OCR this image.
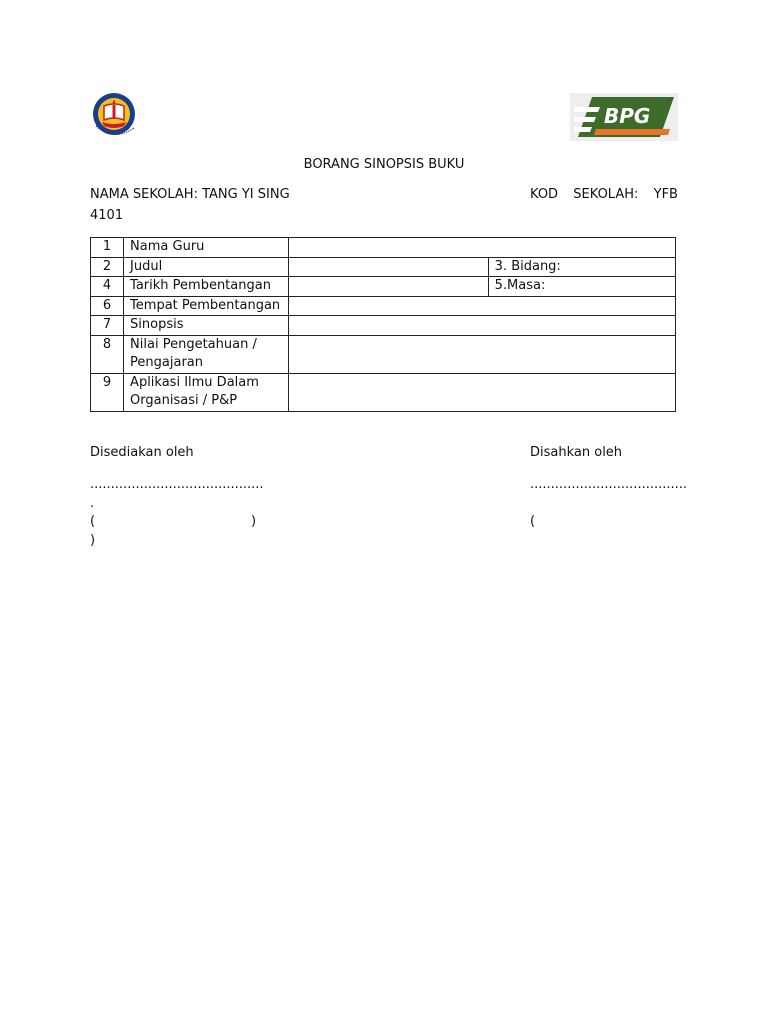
BPG
BORANG SINOPSIS BUKU
NAMA SEKOLAH: TANG YI SING	KOD SEKOLAH: YFB
4101
1	Nama Guru		
2	Judul		3. Bidang:
4	Tarikh Pembentangan		5.Masa:
6	Tempat Pembentangan		
7	Sinopsis		
8	Nilai Pengetahuan / Pengajaran		
9	Aplikasi Ilmu Dalam Organisasi / P&P		
Disediakan oleh	Disahkan oleh
..........................................
.
......................................
(	)
)
(
